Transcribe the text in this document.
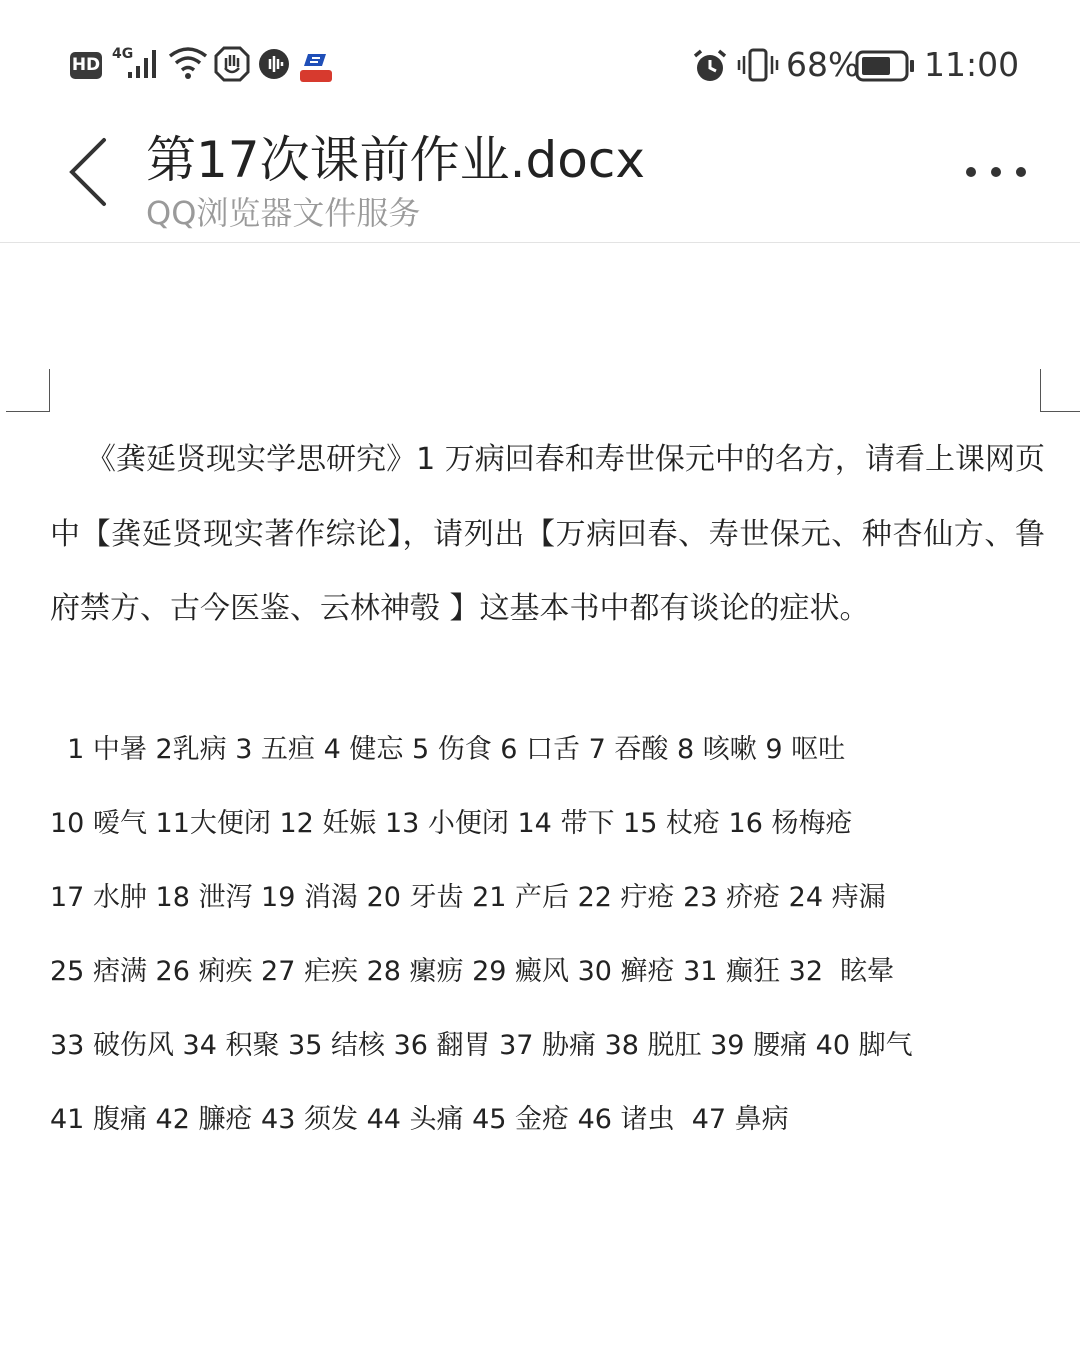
HD
4G	68% 11:00
第17次课前作业.docx
QQ浏览器文件服务
《龚延贤现实学思研究》1 万病回春和寿世保元中的名方，请看上课网页中【龚延贤现实著作综论】，请列出【万病回春、寿世保元、种杏仙方、鲁府禁方、古今医鉴、云林神彀 】这基本书中都有谈论的症状。
1 中暑 2乳病 3 五疸 4 健忘 5 伤食 6 口舌 7 吞酸 8 咳嗽 9 呕吐
10 嗳气 11大便闭 12 妊娠 13 小便闭 14 带下 15 杖疮 16 杨梅疮
17 水肿 18 泄泻 19 消渴 20 牙齿 21 产后 22 疔疮 23 疥疮 24 痔漏
25 痞满 26 痢疾 27 疟疾 28 瘰疬 29 癜风 30 癣疮 31 癫狂 32  眩晕
33 破伤风 34 积聚 35 结核 36 翻胃 37 胁痛 38 脱肛 39 腰痛 40 脚气
41 腹痛 42 臁疮 43 须发 44 头痛 45 金疮 46 诸虫  47 鼻病
